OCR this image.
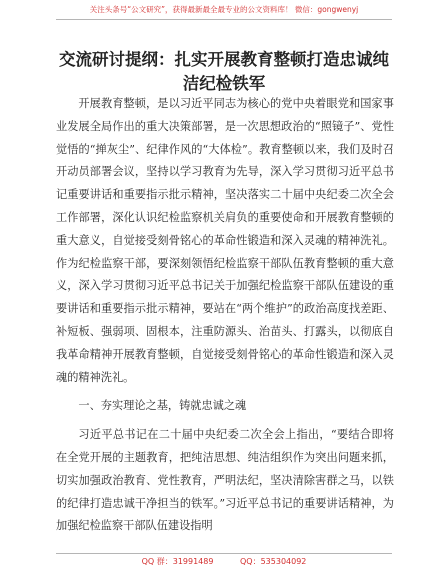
关注头条号“公文研究”，获得最新最全最专业的公文资料库！ 微信：gongwenyj
交流研讨提纲：扎实开展教育整顿打造忠诚纯
洁纪检铁军

开展教育整顿，是以习近平同志为核心的党中央着眼党和国家事业发展全局作出的重大决策部署，是一次思想政治的“照镜子”、党性觉悟的“掸灰尘”、纪律作风的“大体检”。教育整顿以来，我们及时召开动员部署会议，坚持以学习教育为先导，深入学习贯彻习近平总书记重要讲话和重要指示批示精神，坚决落实二十届中央纪委二次全会工作部署，深化认识纪检监察机关肩负的重要使命和开展教育整顿的重大意义，自觉接受刻骨铭心的革命性锻造和深入灵魂的精神洗礼。作为纪检监察干部，要深刻领悟纪检监察干部队伍教育整顿的重大意义，深入学习贯彻习近平总书记关于加强纪检监察干部队伍建设的重要讲话和重要指示批示精神，要站在“两个维护”的政治高度找差距、补短板、强弱项、固根本，注重防源头、治苗头、打露头，以彻底自我革命精神开展教育整顿，自觉接受刻骨铭心的革命性锻造和深入灵魂的精神洗礼。

一、夯实理论之基，铸就忠诚之魂

习近平总书记在二十届中央纪委二次全会上指出，“要结合即将在全党开展的主题教育，把纯洁思想、纯洁组织作为突出问题来抓，切实加强政治教育、党性教育，严明法纪，坚决清除害群之马，以铁的纪律打造忠诚干净担当的铁军。”习近平总书记的重要讲话精神，为加强纪检监察干部队伍建设指明

QQ 群：31991489	QQ：535304092
